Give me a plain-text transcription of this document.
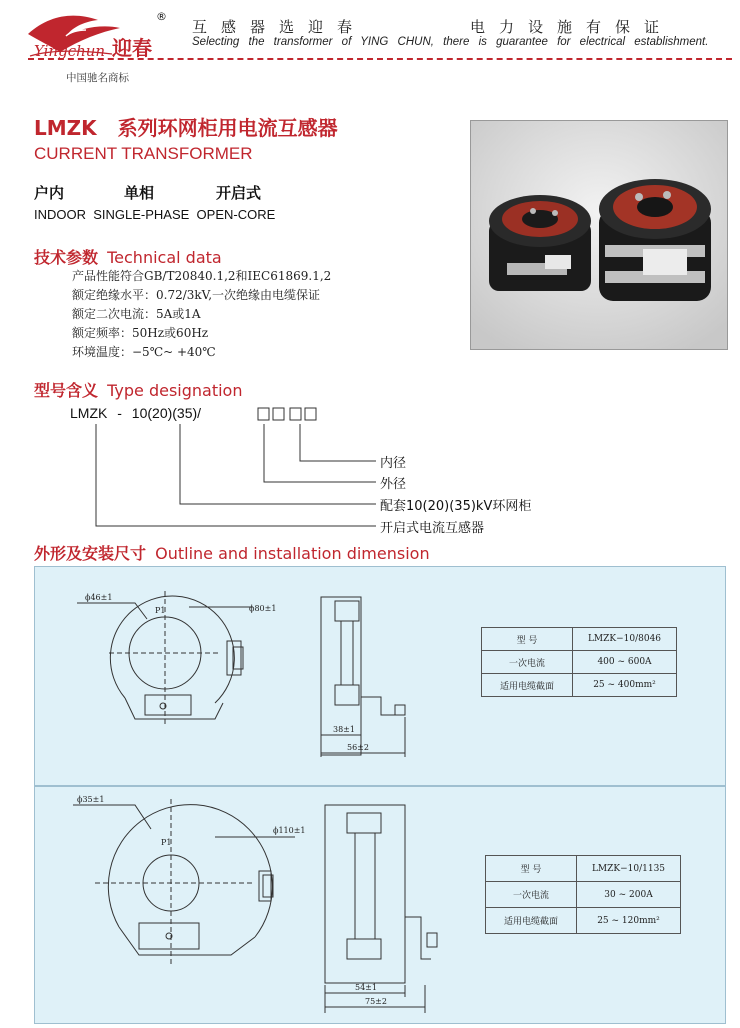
Yingchun 迎春
®
互感器选迎春	电力设施有保证
Selecting the transformer of YING CHUN, there is guarantee for electrical establishment.
中国驰名商标
LMZK 系列环网柜用电流互感器
CURRENT TRANSFORMER
户内	单相	开启式
INDOOR  SINGLE-PHASE  OPEN-CORE
技术参数 Technical data
产品性能符合GB/T20840.1,2和IEC61869.1,2
额定绝缘水平：0.72/3kV,一次绝缘由电缆保证
额定二次电流：5A或1A
额定频率：50Hz或60Hz
环境温度：−5℃~ +40℃
型号含义 Type designation
LMZK - 10(20)(35)/
内径
外径
配套10(20)(35)kV环网柜
开启式电流互感器
外形及安装尺寸 Outline and installation dimension
ϕ46±1
P1	ϕ80±1
38±1
56±2
型 号	LMZK−10/8046
一次电流	400 ~ 600A
适用电缆截面	25 ~ 400mm²
ϕ35±1
P1
ϕ110±1
54±1
75±2
型 号	LMZK−10/1135
一次电流	30 ~ 200A
适用电缆截面	25 ~ 120mm²
